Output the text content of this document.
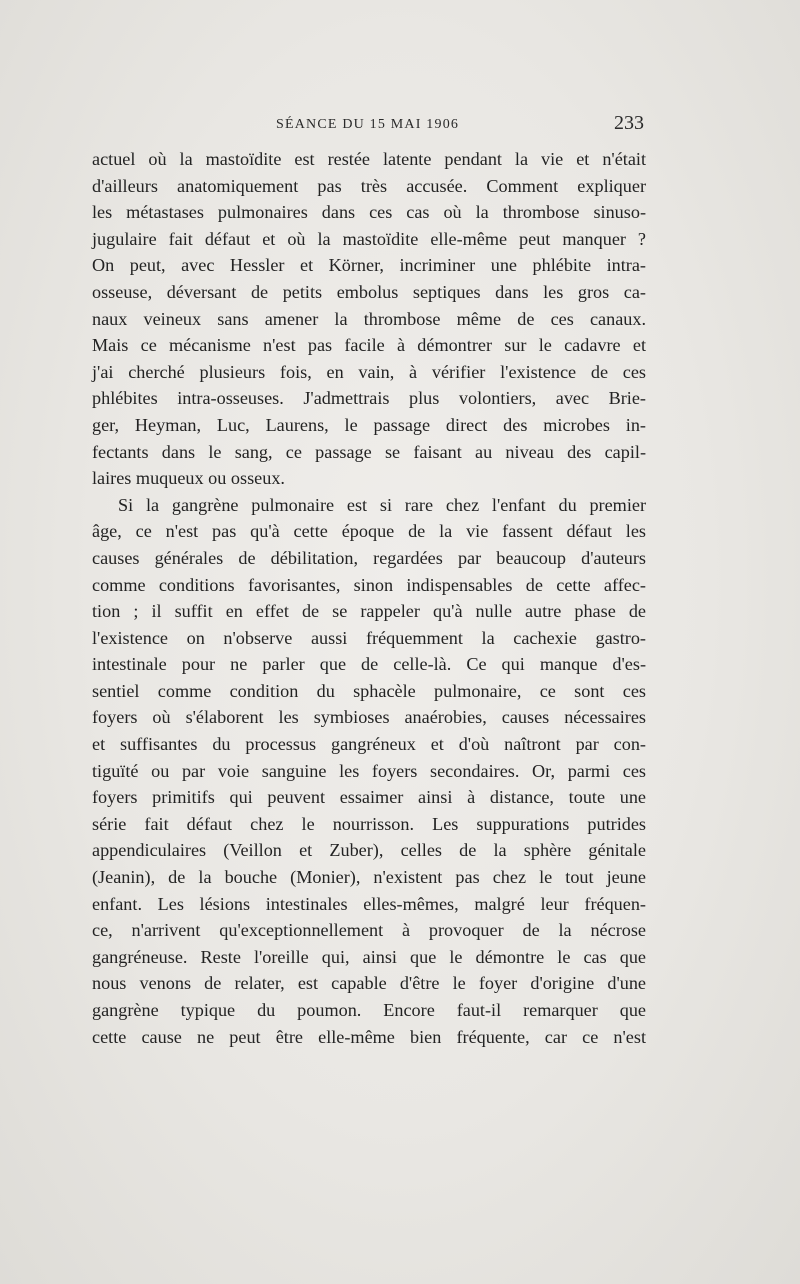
SÉANCE DU 15 MAI 1906	233
actuel où la mastoïdite est restée latente pendant la vie et n'était
d'ailleurs anatomiquement pas très accusée. Comment expliquer
les métastases pulmonaires dans ces cas où la thrombose sinuso-
jugulaire fait défaut et où la mastoïdite elle-même peut manquer ?
On peut, avec Hessler et Körner, incriminer une phlébite intra-
osseuse, déversant de petits embolus septiques dans les gros ca-
naux veineux sans amener la thrombose même de ces canaux.
Mais ce mécanisme n'est pas facile à démontrer sur le cadavre et
j'ai cherché plusieurs fois, en vain, à vérifier l'existence de ces
phlébites intra-osseuses. J'admettrais plus volontiers, avec Brie-
ger, Heyman, Luc, Laurens, le passage direct des microbes in-
fectants dans le sang, ce passage se faisant au niveau des capil-
laires muqueux ou osseux.
Si la gangrène pulmonaire est si rare chez l'enfant du premier
âge, ce n'est pas qu'à cette époque de la vie fassent défaut les
causes générales de débilitation, regardées par beaucoup d'auteurs
comme conditions favorisantes, sinon indispensables de cette affec-
tion ; il suffit en effet de se rappeler qu'à nulle autre phase de
l'existence on n'observe aussi fréquemment la cachexie gastro-
intestinale pour ne parler que de celle-là. Ce qui manque d'es-
sentiel comme condition du sphacèle pulmonaire, ce sont ces
foyers où s'élaborent les symbioses anaérobies, causes nécessaires
et suffisantes du processus gangréneux et d'où naîtront par con-
tiguïté ou par voie sanguine les foyers secondaires. Or, parmi ces
foyers primitifs qui peuvent essaimer ainsi à distance, toute une
série fait défaut chez le nourrisson. Les suppurations putrides
appendiculaires (Veillon et Zuber), celles de la sphère génitale
(Jeanin), de la bouche (Monier), n'existent pas chez le tout jeune
enfant. Les lésions intestinales elles-mêmes, malgré leur fréquen-
ce, n'arrivent qu'exceptionnellement à provoquer de la nécrose
gangréneuse. Reste l'oreille qui, ainsi que le démontre le cas que
nous venons de relater, est capable d'être le foyer d'origine d'une
gangrène typique du poumon. Encore faut-il remarquer que
cette cause ne peut être elle-même bien fréquente, car ce n'est
